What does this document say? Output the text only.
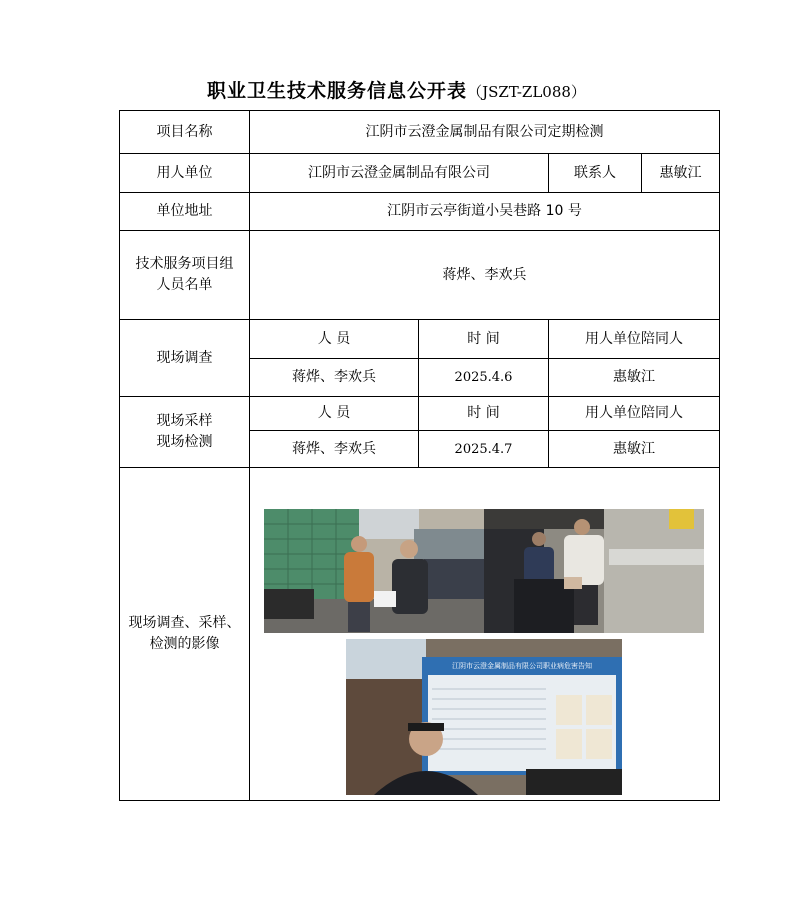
职业卫生技术服务信息公开表（JSZT-ZL088）
项目名称	江阴市云澄金属制品有限公司定期检测		
用人单位	江阴市云澄金属制品有限公司		联系人 惠敏江

单位地址	江阴市云亭街道小吴巷路 10 号		

技术服务项目组
人员名单	蒋烨、李欢兵		
现场调查	人 员	时 间	用人单位陪同人
	蒋烨、李欢兵	2025.4.6	惠敏江

现场采样
现场检测	人 员	时 间	用人单位陪同人
	蒋烨、李欢兵	2025.4.7	惠敏江

现场调查、采样、
检测的影像	江阴市云澄金属制品有限公司职业病危害告知		
